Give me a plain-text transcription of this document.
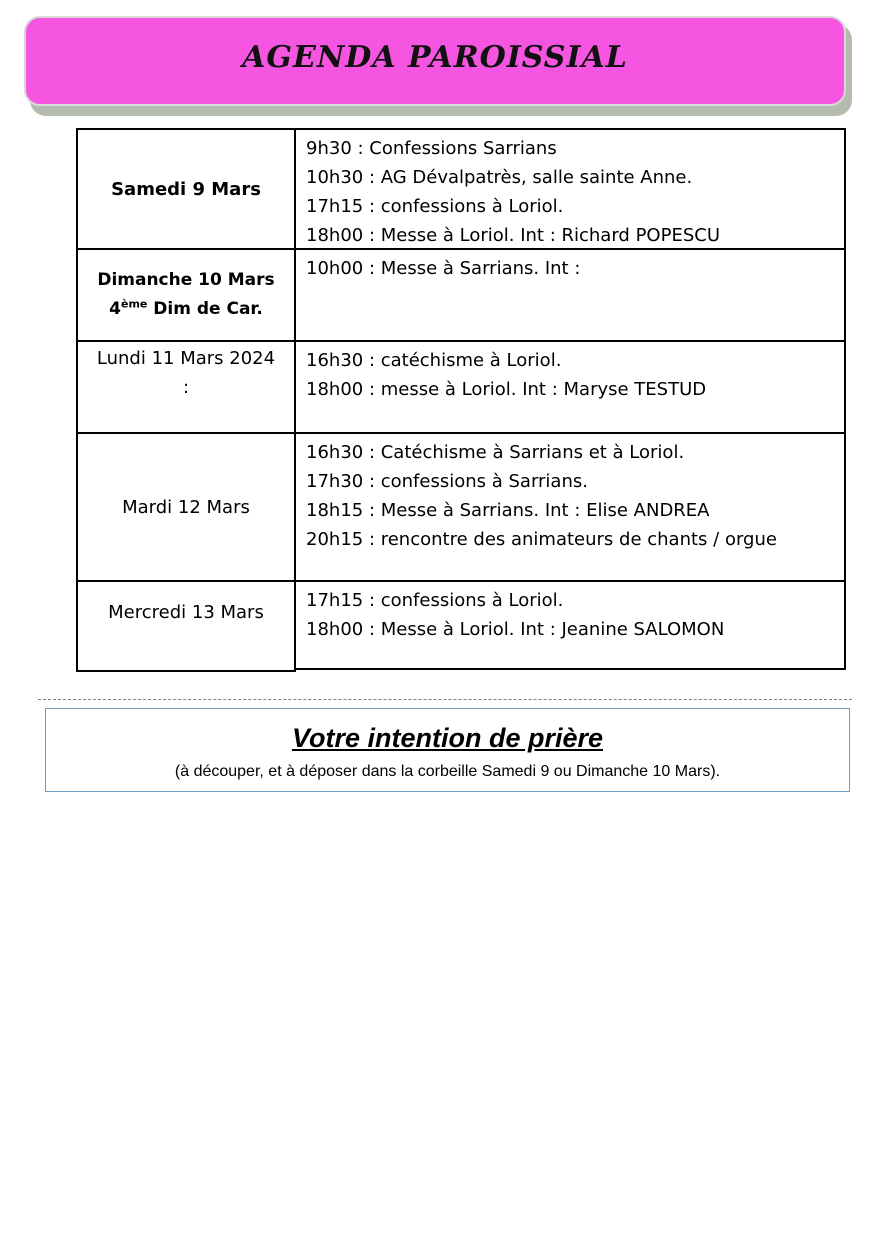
AGENDA PAROISSIAL
Samedi 9 Mars
9h30 : Confessions Sarrians
10h30 : AG Dévalpatrès, salle sainte Anne.
17h15 : confessions à Loriol.
18h00 : Messe à Loriol. Int : Richard POPESCU
Dimanche 10 Mars
4ème Dim de Car.
10h00 : Messe à Sarrians. Int :
Lundi 11 Mars 2024
:
16h30 : catéchisme à Loriol.
18h00 : messe à Loriol. Int : Maryse TESTUD
Mardi 12 Mars
16h30 : Catéchisme à Sarrians et à Loriol.
17h30 : confessions à Sarrians.
18h15 : Messe à Sarrians. Int : Elise ANDREA
20h15 : rencontre des animateurs de chants / orgue
Mercredi 13 Mars
17h15 : confessions à Loriol.
18h00 : Messe à Loriol. Int : Jeanine SALOMON
Votre intention de prière
(à découper, et à déposer dans la corbeille Samedi 9 ou Dimanche 10 Mars).
